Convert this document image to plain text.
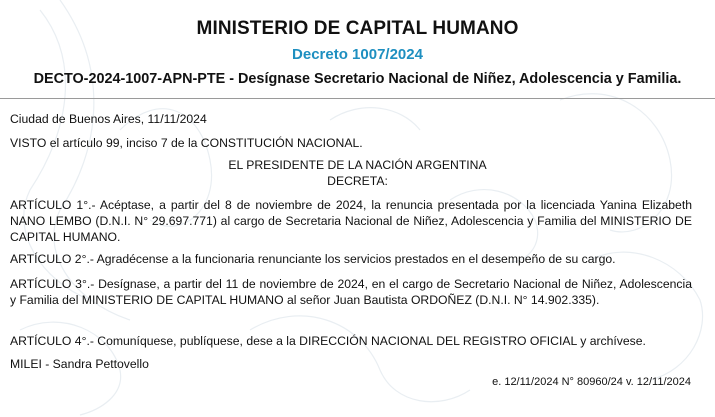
MINISTERIO DE CAPITAL HUMANO
Decreto 1007/2024
DECTO-2024-1007-APN-PTE - Desígnase Secretario Nacional de Niñez, Adolescencia y Familia.
Ciudad de Buenos Aires, 11/11/2024
VISTO el artículo 99, inciso 7 de la CONSTITUCIÓN NACIONAL.
EL PRESIDENTE DE LA NACIÓN ARGENTINA
DECRETA:
ARTÍCULO 1°.- Acéptase, a partir del 8 de noviembre de 2024, la renuncia presentada por la licenciada Yanina Elizabeth NANO LEMBO (D.N.I. N° 29.697.771) al cargo de Secretaria Nacional de Niñez, Adolescencia y Familia del MINISTERIO DE CAPITAL HUMANO.
ARTÍCULO 2°.- Agradécense a la funcionaria renunciante los servicios prestados en el desempeño de su cargo.
ARTÍCULO 3°.- Desígnase, a partir del 11 de noviembre de 2024, en el cargo de Secretario Nacional de Niñez, Adolescencia y Familia del MINISTERIO DE CAPITAL HUMANO al señor Juan Bautista ORDOÑEZ (D.N.I. N° 14.902.335).
ARTÍCULO 4°.- Comuníquese, publíquese, dese a la DIRECCIÓN NACIONAL DEL REGISTRO OFICIAL y archívese.
MILEI - Sandra Pettovello
e. 12/11/2024 N° 80960/24 v. 12/11/2024
